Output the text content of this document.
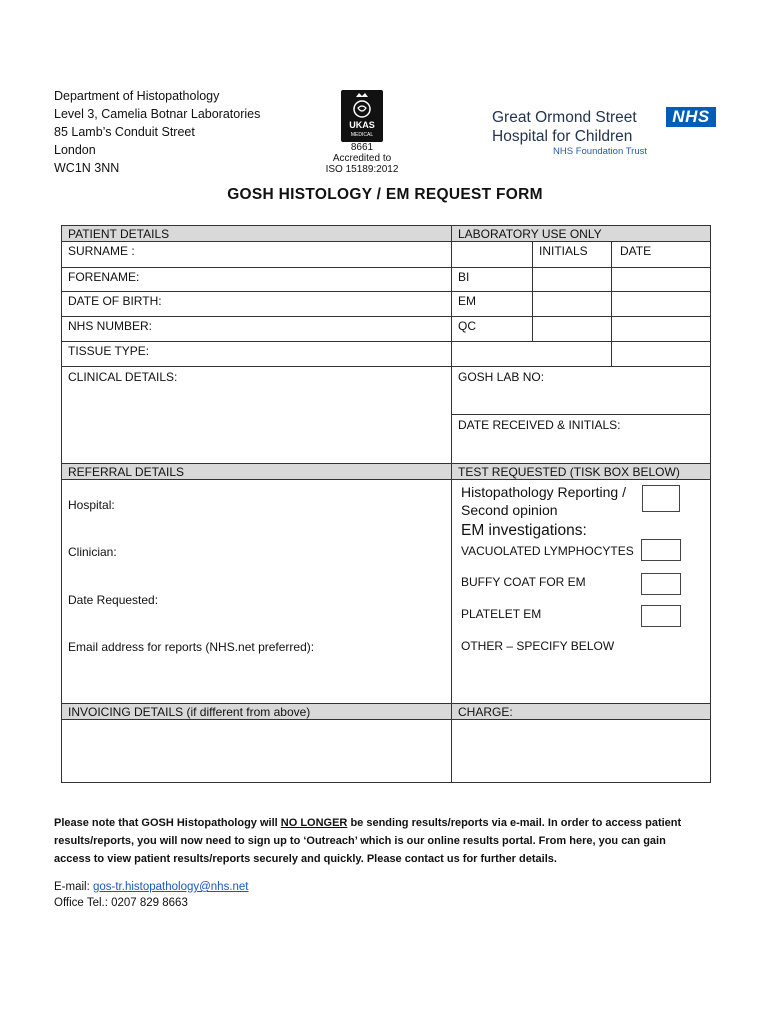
Department of Histopathology
Level 3, Camelia Botnar Laboratories
85 Lamb’s Conduit Street
London
WC1N 3NN
UKAS
MEDICAL
8661
Accredited to
ISO 15189:2012
Great Ormond Street
Hospital for Children
NHS
NHS Foundation Trust
GOSH HISTOLOGY / EM REQUEST FORM
PATIENT DETAILS
SURNAME :
FORENAME:
DATE OF BIRTH:
NHS NUMBER:
TISSUE TYPE:
CLINICAL DETAILS:
LABORATORY USE ONLY
INITIALS	DATE
BI
EM
QC
GOSH LAB NO:
DATE RECEIVED & INITIALS:
REFERRAL DETAILS
Hospital:
Clinician:
Date Requested:
Email address for reports (NHS.net preferred):
TEST REQUESTED (TISK BOX BELOW)
Histopathology Reporting /
Second opinion
EM investigations:
VACUOLATED LYMPHOCYTES
BUFFY COAT FOR EM
PLATELET EM
OTHER – SPECIFY BELOW
INVOICING DETAILS (if different from above)	CHARGE:
Please note that GOSH Histopathology will NO LONGER be sending results/reports via e-mail. In order to access patient results/reports, you will now need to sign up to ‘Outreach’ which is our online results portal. From here, you can gain access to view patient results/reports securely and quickly. Please contact us for further details.
E-mail: gos-tr.histopathology@nhs.net
Office Tel.: 0207 829 8663
